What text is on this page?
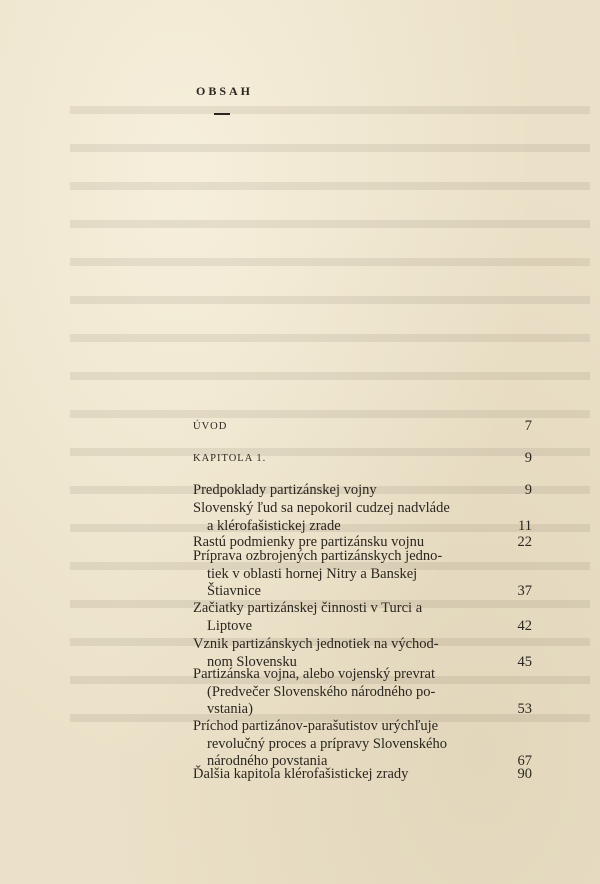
OBSAH
ÚVOD	7
KAPITOLA 1.	9
Predpoklady partizánskej vojny	9
Slovenský ľud sa nepokoril cudzej nadvláde
a klérofašistickej zrade	11
Rastú podmienky pre partizánsku vojnu	22
Príprava ozbrojených partizánskych jedno-
tiek v oblasti hornej Nitry a Banskej
Štiavnice	37
Začiatky partizánskej činnosti v Turci a
Liptove	42
Vznik partizánskych jednotiek na východ-
nom Slovensku	45
Partizánska vojna, alebo vojenský prevrat
(Predvečer Slovenského národného po-
vstania)	53
Príchod partizánov-parašutistov urýchľuje
revolučný proces a prípravy Slovenského
národného povstania	67
Ďalšia kapitola klérofašistickej zrady	90
